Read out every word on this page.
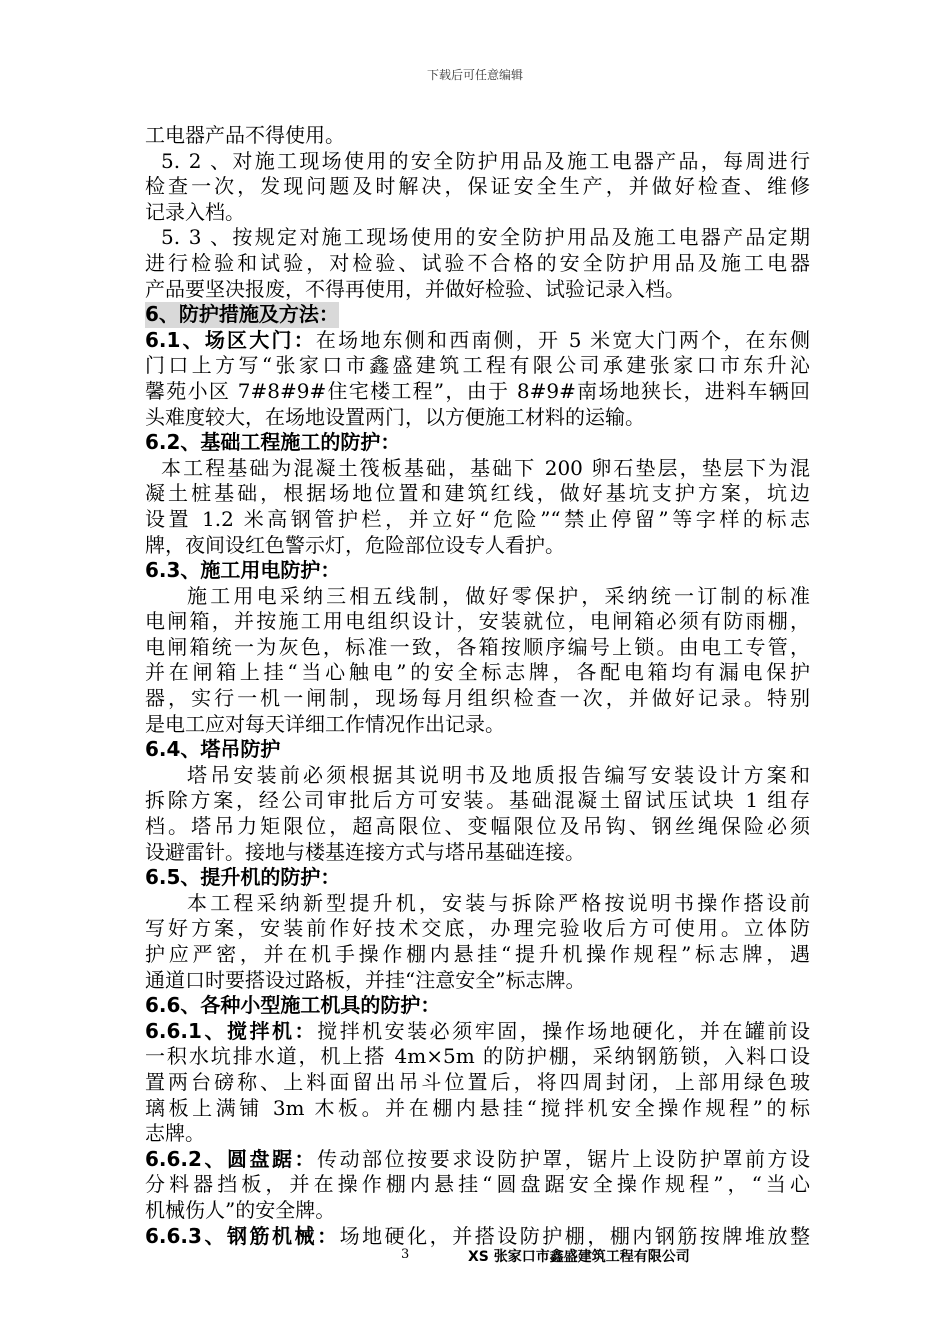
下载后可任意编辑
工电器产品不得使用。
5. 2 、对施工现场使用的安全防护用品及施工电器产品，每周进行
检查一次，发现问题及时解决，保证安全生产，并做好检查、维修
记录入档。
5. 3 、按规定对施工现场使用的安全防护用品及施工电器产品定期
进行检验和试验，对检验、试验不合格的安全防护用品及施工电器
产品要坚决报废，不得再使用，并做好检验、试验记录入档。
6、防护措施及方法：
6.1、场区大门：在场地东侧和西南侧，开 5 米宽大门两个，在东侧
门口上方写“张家口市鑫盛建筑工程有限公司承建张家口市东升沁
馨苑小区 7#8#9#住宅楼工程”，由于 8#9#南场地狭长，进料车辆回
头难度较大，在场地设置两门，以方便施工材料的运输。
6.2、基础工程施工的防护：
本工程基础为混凝土筏板基础，基础下 200 卵石垫层，垫层下为混
凝土桩基础，根据场地位置和建筑红线，做好基坑支护方案，坑边
设置 1.2 米高钢管护栏，并立好“危险”“禁止停留”等字样的标志
牌，夜间设红色警示灯，危险部位设专人看护。
6.3、施工用电防护：
施工用电采纳三相五线制，做好零保护，采纳统一订制的标准
电闸箱，并按施工用电组织设计，安装就位，电闸箱必须有防雨棚，
电闸箱统一为灰色，标准一致，各箱按顺序编号上锁。由电工专管，
并在闸箱上挂“当心触电”的安全标志牌，各配电箱均有漏电保护
器，实行一机一闸制，现场每月组织检查一次，并做好记录。特别
是电工应对每天详细工作情况作出记录。
6.4、塔吊防护
塔吊安装前必须根据其说明书及地质报告编写安装设计方案和
拆除方案，经公司审批后方可安装。基础混凝土留试压试块 1 组存
档。塔吊力矩限位，超高限位、变幅限位及吊钩、钢丝绳保险必须
设避雷针。接地与楼基连接方式与塔吊基础连接。
6.5、提升机的防护：
本工程采纳新型提升机，安装与拆除严格按说明书操作搭设前
写好方案，安装前作好技术交底，办理完验收后方可使用。立体防
护应严密，并在机手操作棚内悬挂“提升机操作规程”标志牌，遇
通道口时要搭设过路板，并挂“注意安全”标志牌。
6.6、各种小型施工机具的防护：
6.6.1、搅拌机：搅拌机安装必须牢固，操作场地硬化，并在罐前设
一积水坑排水道，机上搭 4m×5m 的防护棚，采纳钢筋锁，入料口设
置两台磅称、上料面留出吊斗位置后，将四周封闭，上部用绿色玻
璃板上满铺 3m 木板。并在棚内悬挂“搅拌机安全操作规程”的标
志牌。
6.6.2、圆盘踞：传动部位按要求设防护罩，锯片上设防护罩前方设
分料器挡板，并在操作棚内悬挂“圆盘踞安全操作规程”，“当心
机械伤人”的安全牌。
6.6.3、钢筋机械：场地硬化，并搭设防护棚，棚内钢筋按牌堆放整
3	XS 张家口市鑫盛建筑工程有限公司
